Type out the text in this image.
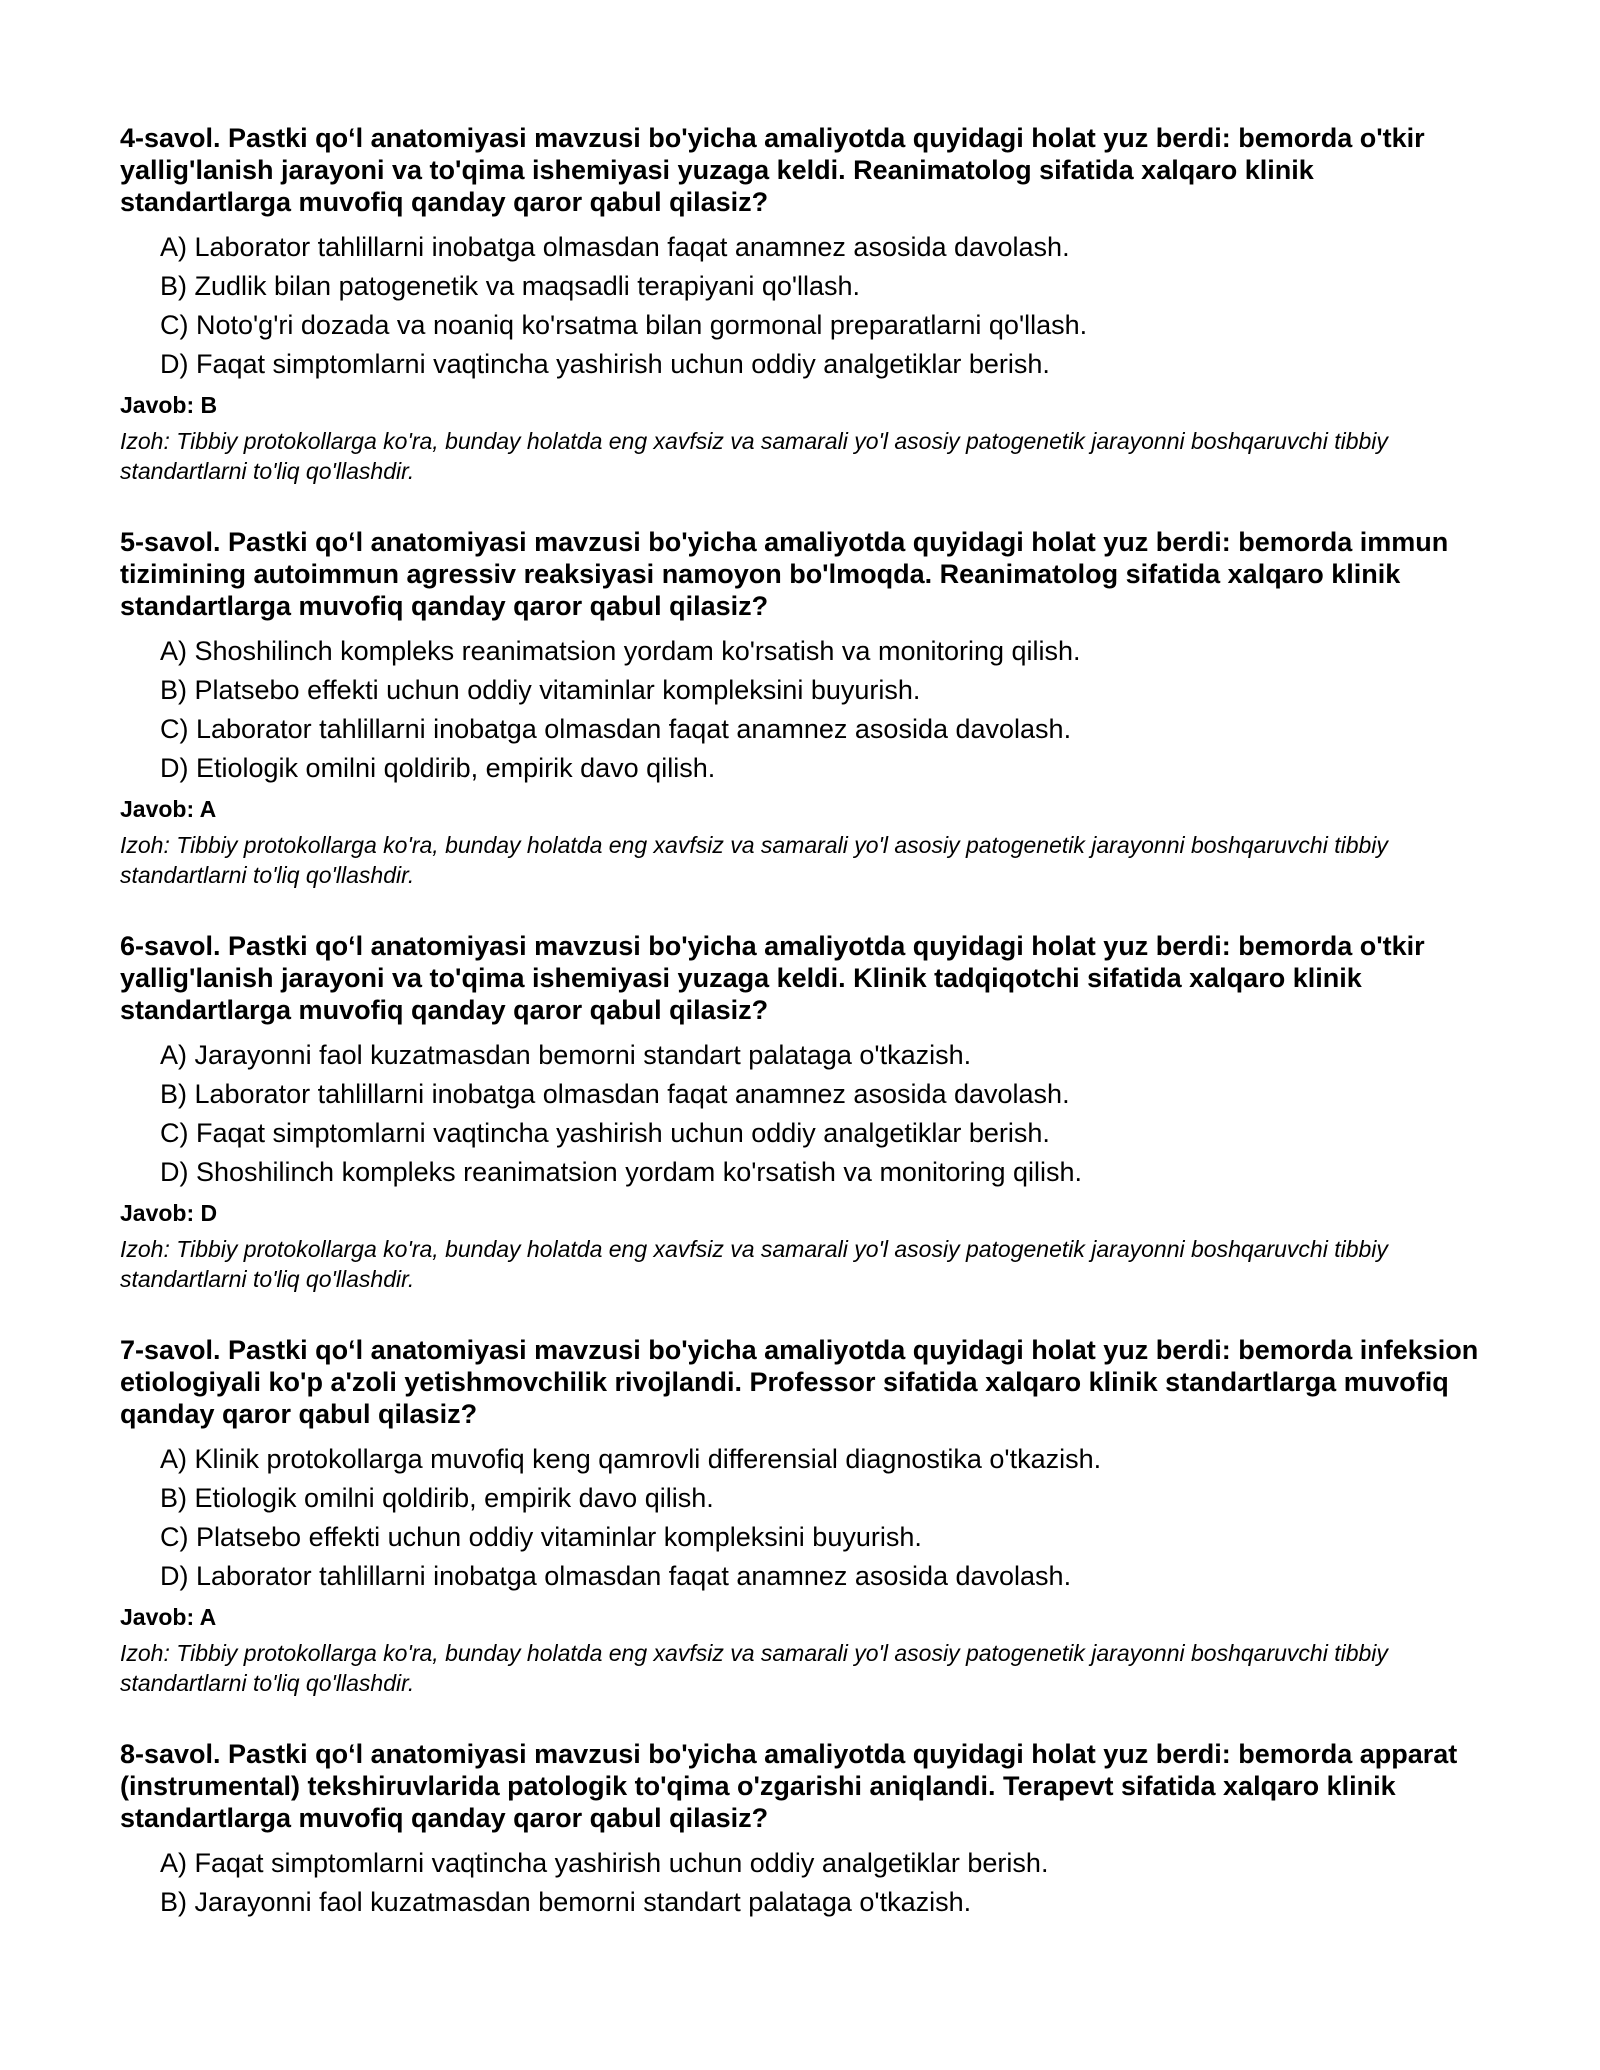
4-savol. Pastki qo‘l anatomiyasi mavzusi bo'yicha amaliyotda quyidagi holat yuz berdi: bemorda o'tkir yallig'lanish jarayoni va to'qima ishemiyasi yuzaga keldi. Reanimatolog sifatida xalqaro klinik standartlarga muvofiq qanday qaror qabul qilasiz?
A) Laborator tahlillarni inobatga olmasdan faqat anamnez asosida davolash.
B) Zudlik bilan patogenetik va maqsadli terapiyani qo'llash.
C) Noto'g'ri dozada va noaniq ko'rsatma bilan gormonal preparatlarni qo'llash.
D) Faqat simptomlarni vaqtincha yashirish uchun oddiy analgetiklar berish.
Javob: B
Izoh: Tibbiy protokollarga ko'ra, bunday holatda eng xavfsiz va samarali yo'l asosiy patogenetik jarayonni boshqaruvchi tibbiy standartlarni to'liq qo'llashdir.
5-savol. Pastki qo‘l anatomiyasi mavzusi bo'yicha amaliyotda quyidagi holat yuz berdi: bemorda immun tizimining autoimmun agressiv reaksiyasi namoyon bo'lmoqda. Reanimatolog sifatida xalqaro klinik standartlarga muvofiq qanday qaror qabul qilasiz?
A) Shoshilinch kompleks reanimatsion yordam ko'rsatish va monitoring qilish.
B) Platsebo effekti uchun oddiy vitaminlar kompleksini buyurish.
C) Laborator tahlillarni inobatga olmasdan faqat anamnez asosida davolash.
D) Etiologik omilni qoldirib, empirik davo qilish.
Javob: A
Izoh: Tibbiy protokollarga ko'ra, bunday holatda eng xavfsiz va samarali yo'l asosiy patogenetik jarayonni boshqaruvchi tibbiy standartlarni to'liq qo'llashdir.
6-savol. Pastki qo‘l anatomiyasi mavzusi bo'yicha amaliyotda quyidagi holat yuz berdi: bemorda o'tkir yallig'lanish jarayoni va to'qima ishemiyasi yuzaga keldi. Klinik tadqiqotchi sifatida xalqaro klinik standartlarga muvofiq qanday qaror qabul qilasiz?
A) Jarayonni faol kuzatmasdan bemorni standart palataga o'tkazish.
B) Laborator tahlillarni inobatga olmasdan faqat anamnez asosida davolash.
C) Faqat simptomlarni vaqtincha yashirish uchun oddiy analgetiklar berish.
D) Shoshilinch kompleks reanimatsion yordam ko'rsatish va monitoring qilish.
Javob: D
Izoh: Tibbiy protokollarga ko'ra, bunday holatda eng xavfsiz va samarali yo'l asosiy patogenetik jarayonni boshqaruvchi tibbiy standartlarni to'liq qo'llashdir.
7-savol. Pastki qo‘l anatomiyasi mavzusi bo'yicha amaliyotda quyidagi holat yuz berdi: bemorda infeksion etiologiyali ko'p a'zoli yetishmovchilik rivojlandi. Professor sifatida xalqaro klinik standartlarga muvofiq qanday qaror qabul qilasiz?
A) Klinik protokollarga muvofiq keng qamrovli differensial diagnostika o'tkazish.
B) Etiologik omilni qoldirib, empirik davo qilish.
C) Platsebo effekti uchun oddiy vitaminlar kompleksini buyurish.
D) Laborator tahlillarni inobatga olmasdan faqat anamnez asosida davolash.
Javob: A
Izoh: Tibbiy protokollarga ko'ra, bunday holatda eng xavfsiz va samarali yo'l asosiy patogenetik jarayonni boshqaruvchi tibbiy standartlarni to'liq qo'llashdir.
8-savol. Pastki qo‘l anatomiyasi mavzusi bo'yicha amaliyotda quyidagi holat yuz berdi: bemorda apparat (instrumental) tekshiruvlarida patologik to'qima o'zgarishi aniqlandi. Terapevt sifatida xalqaro klinik standartlarga muvofiq qanday qaror qabul qilasiz?
A) Faqat simptomlarni vaqtincha yashirish uchun oddiy analgetiklar berish.
B) Jarayonni faol kuzatmasdan bemorni standart palataga o'tkazish.
